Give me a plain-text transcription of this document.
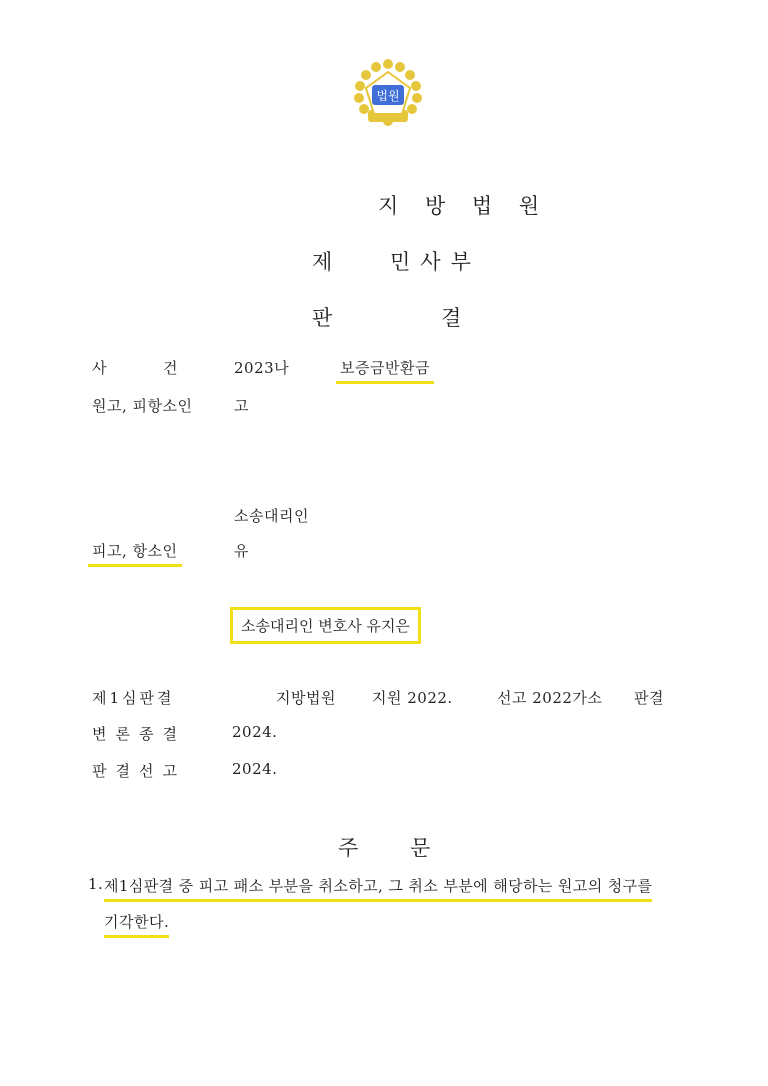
법원
지 방 법 원
제 민사부
판	결
사	건	2023나	보증금반환금
원고, 피항소인	고
소송대리인
피고, 항소인	유
소송대리인 변호사 유지은
제1심판결	지방법원 지원 2022.	선고 2022가소 판결
변론종결	2024.
판결선고	2024.
주 문
1. 제1심판결 중 피고 패소 부분을 취소하고, 그 취소 부분에 해당하는 원고의 청구를
기각한다.
